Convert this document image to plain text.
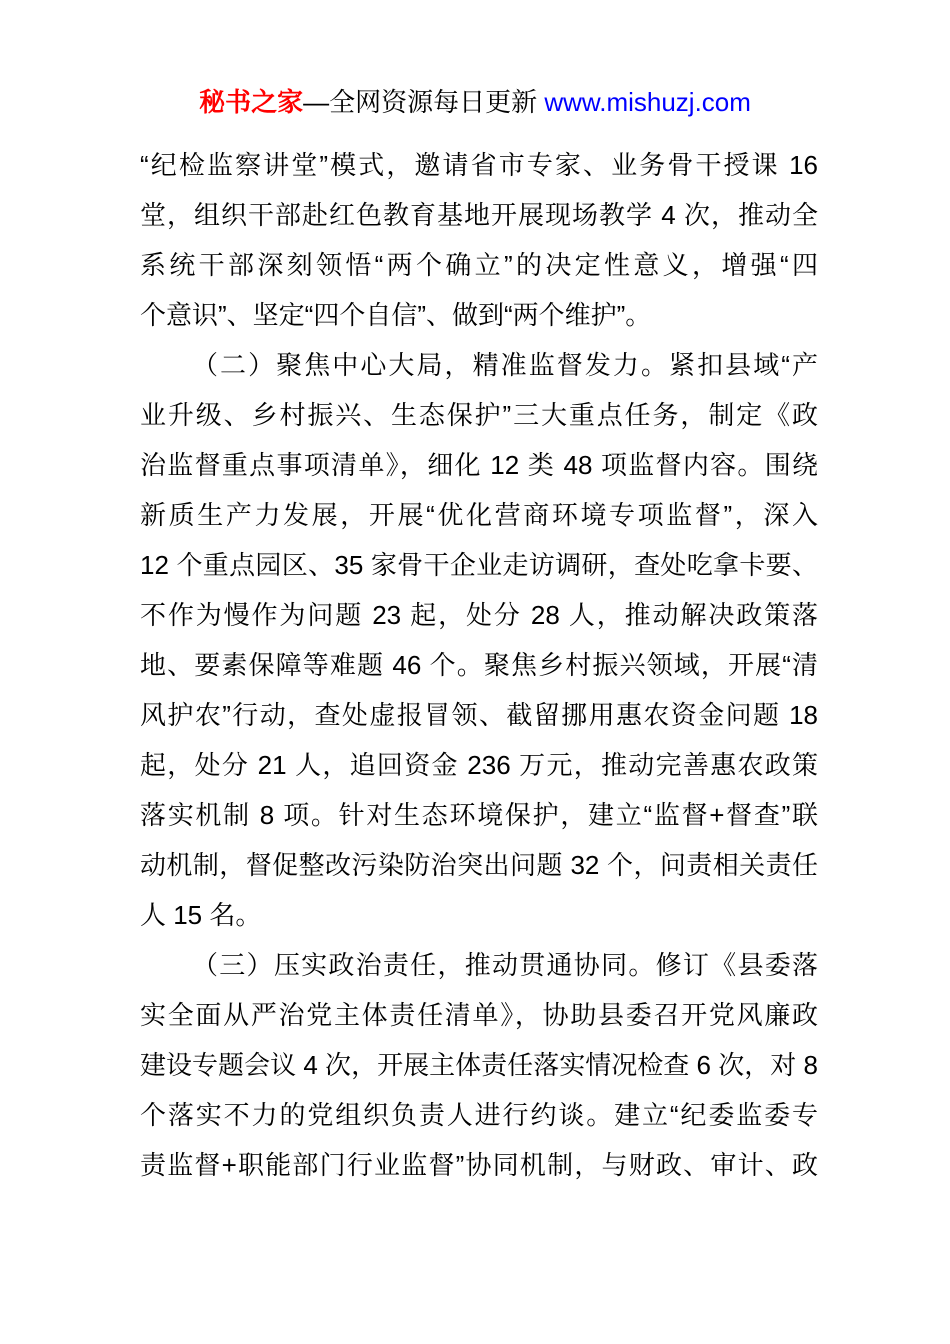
秘书之家—全网资源每日更新 www.mishuzj.com
“纪检监察讲堂”模式，邀请省市专家、业务骨干授课 16
堂，组织干部赴红色教育基地开展现场教学 4 次，推动全
系统干部深刻领悟“两个确立”的决定性意义，增强“四
个意识”、坚定“四个自信”、做到“两个维护”。
（二）聚焦中心大局，精准监督发力。紧扣县域“产
业升级、乡村振兴、生态保护”三大重点任务，制定《政
治监督重点事项清单》，细化 12 类 48 项监督内容。围绕
新质生产力发展，开展“优化营商环境专项监督”，深入
12 个重点园区、35 家骨干企业走访调研，查处吃拿卡要、
不作为慢作为问题 23 起，处分 28 人，推动解决政策落
地、要素保障等难题 46 个。聚焦乡村振兴领域，开展“清
风护农”行动，查处虚报冒领、截留挪用惠农资金问题 18
起，处分 21 人，追回资金 236 万元，推动完善惠农政策
落实机制 8 项。针对生态环境保护，建立“监督+督查”联
动机制，督促整改污染防治突出问题 32 个，问责相关责任
人 15 名。
（三）压实政治责任，推动贯通协同。修订《县委落
实全面从严治党主体责任清单》，协助县委召开党风廉政
建设专题会议 4 次，开展主体责任落实情况检查 6 次，对 8
个落实不力的党组织负责人进行约谈。建立“纪委监委专
责监督+职能部门行业监督”协同机制，与财政、审计、政
